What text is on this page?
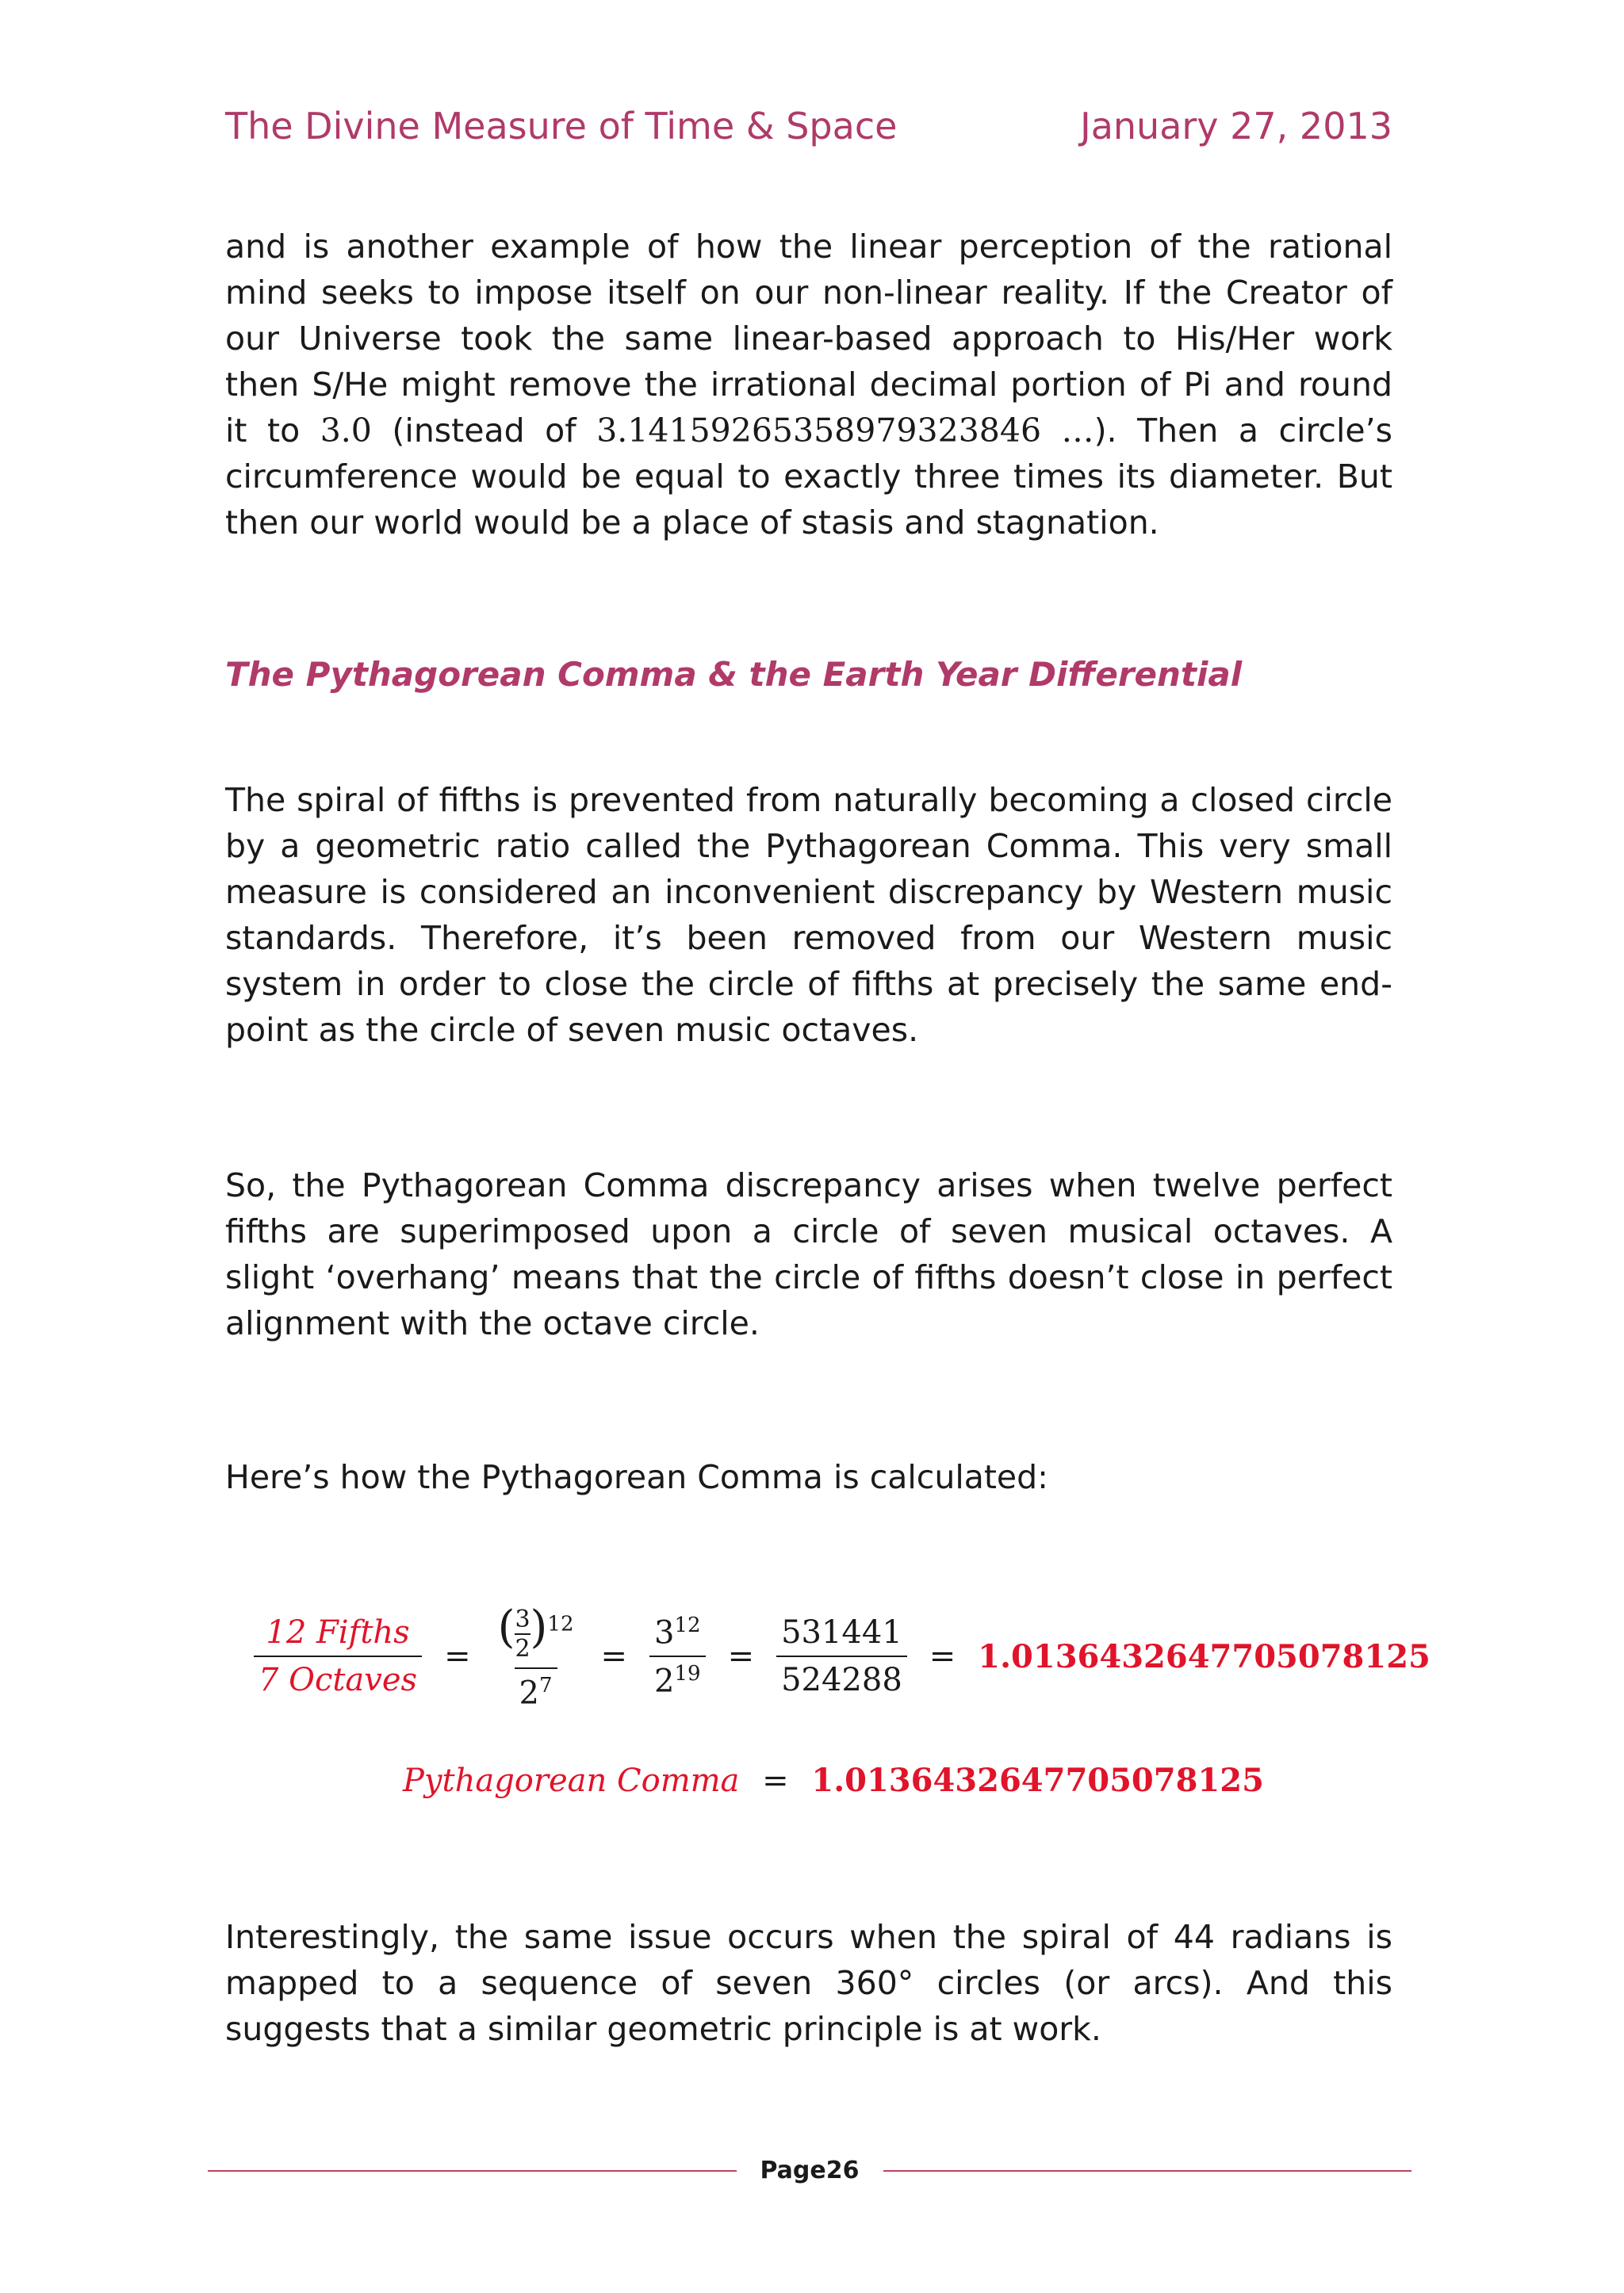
The Divine Measure of Time & Space	January 27, 2013

and is another example of how the linear perception of the rational mind seeks to impose itself on our non-linear reality. If the Creator of our Universe took the same linear-based approach to His/Her work then S/He might remove the irrational decimal portion of Pi and round it to 3.0 (instead of 3.14159265358979323846 …). Then a circle’s circumference would be equal to exactly three times its diameter. But then our world would be a place of stasis and stagnation.

The Pythagorean Comma & the Earth Year Differential

The spiral of fifths is prevented from naturally becoming a closed circle by a geometric ratio called the Pythagorean Comma. This very small measure is considered an inconvenient discrepancy by Western music standards. Therefore, it’s been removed from our Western music system in order to close the circle of fifths at precisely the same end-point as the circle of seven music octaves.

So, the Pythagorean Comma discrepancy arises when twelve perfect fifths are superimposed upon a circle of seven musical octaves. A slight ‘overhang’ means that the circle of fifths doesn’t close in perfect alignment with the octave circle.

Here’s how the Pythagorean Comma is calculated:

$\frac{\text{12 Fifths}}{\text{7 Octaves}} = \frac{( \frac{3}{2} )^{12}}{2^7} = \frac{3^{12}}{2^{19}} = \frac{531441}{524288} = 1.0136432647705078125$
Pythagorean Comma = 1.0136432647705078125

Interestingly, the same issue occurs when the spiral of 44 radians is mapped to a sequence of seven 360° circles (or arcs). And this suggests that a similar geometric principle is at work.

Page26
